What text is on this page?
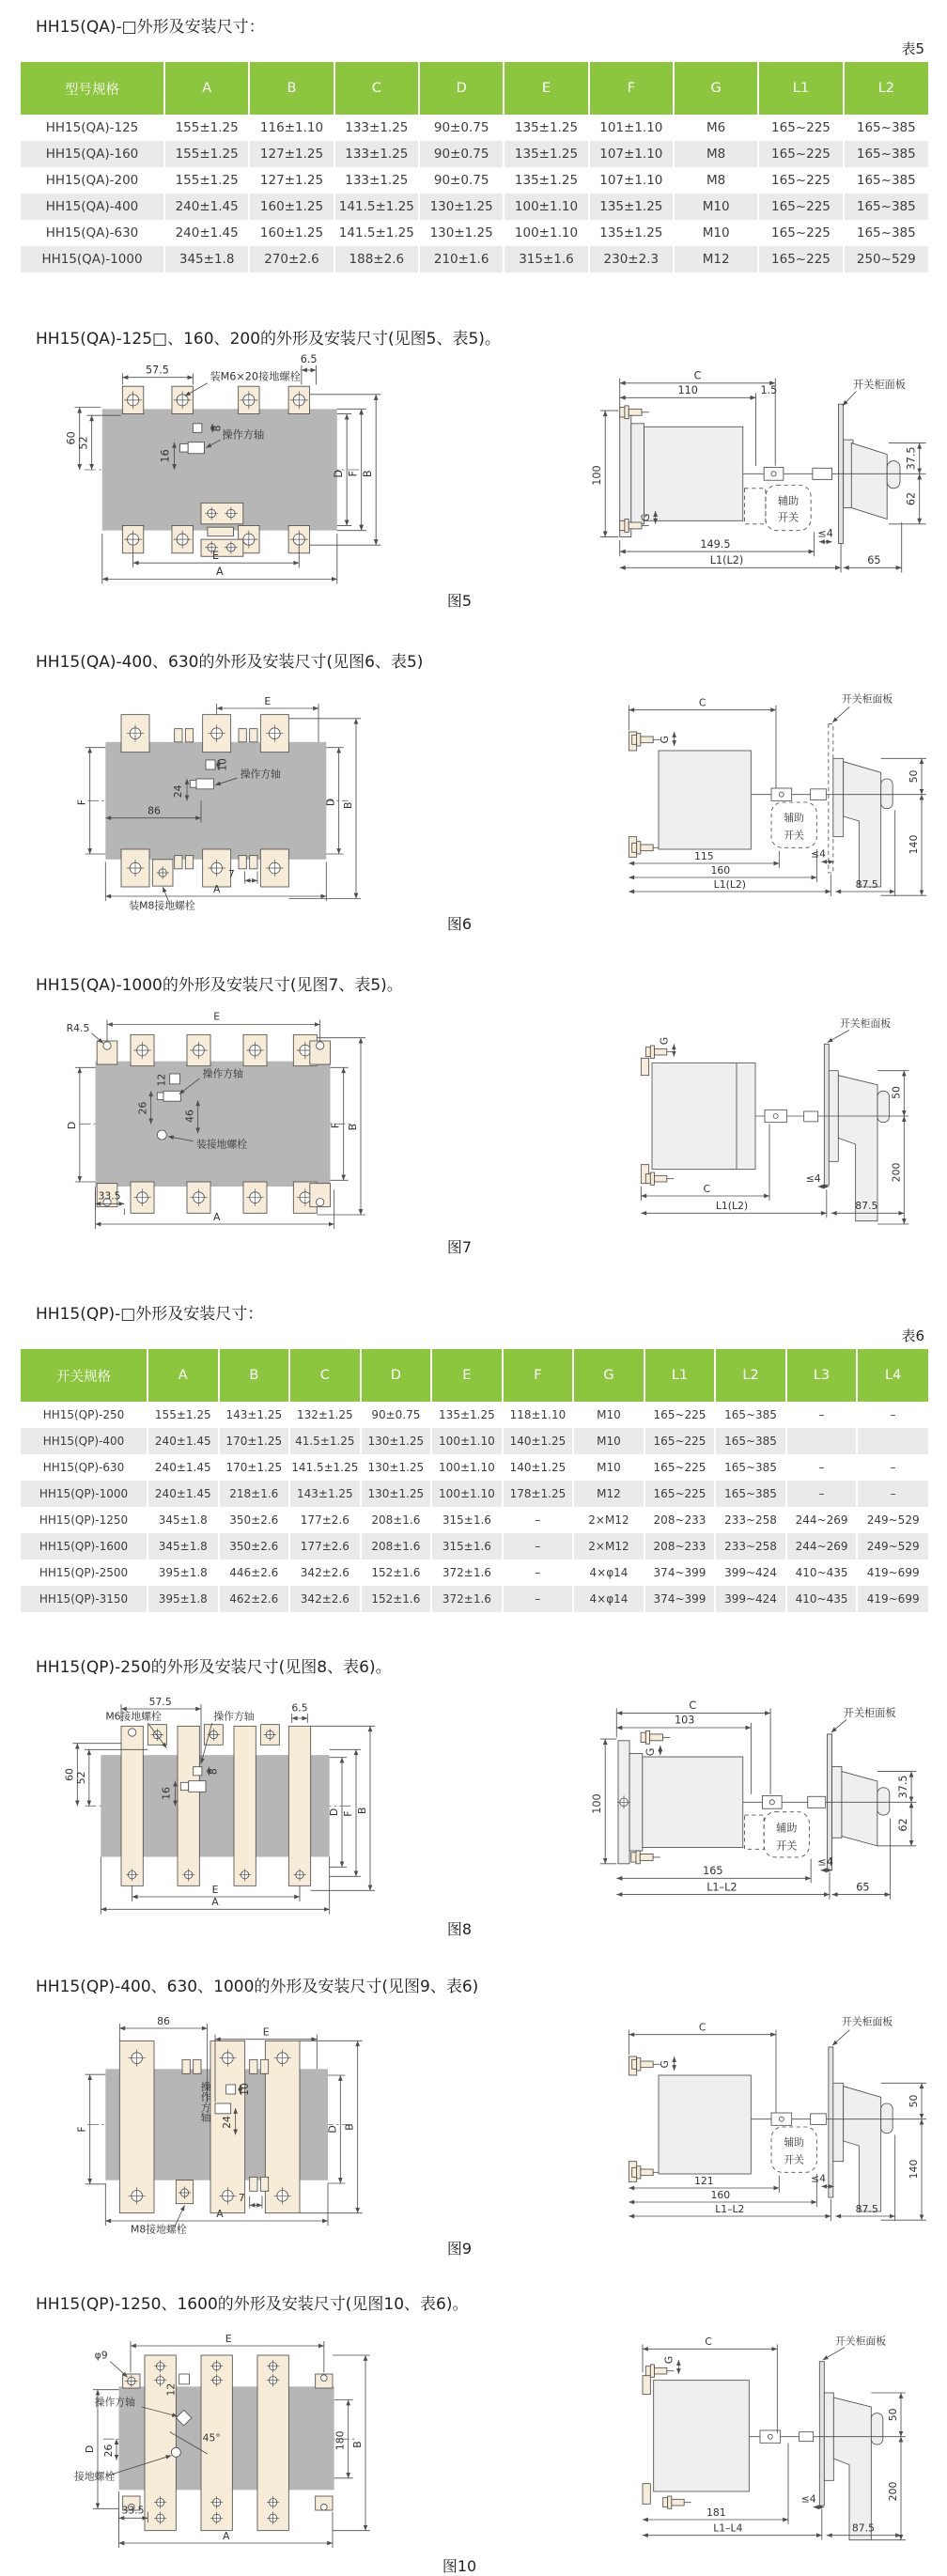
HH15(QA)-□外形及安装尺寸：
表5
型号规格	A	B	C	D	E	F	G	L1	L2
HH15(QA)-125	155±1.25	116±1.10	133±1.25	90±0.75	135±1.25	101±1.10	M6	165~225	165~385
HH15(QA)-160	155±1.25	127±1.25	133±1.25	90±0.75	135±1.25	107±1.10	M8	165~225	165~385
HH15(QA)-200	155±1.25	127±1.25	133±1.25	90±0.75	135±1.25	107±1.10	M8	165~225	165~385
HH15(QA)-400	240±1.45	160±1.25	141.5±1.25	130±1.25	100±1.10	135±1.25	M10	165~225	165~385
HH15(QA)-630	240±1.45	160±1.25	141.5±1.25	130±1.25	100±1.10	135±1.25	M10	165~225	165~385
HH15(QA)-1000	345±1.8	270±2.6	188±2.6	210±1.6	315±1.6	230±2.3	M12	165~225	250~529

HH15(QA)-125□、160、200的外形及安装尺寸(见图5、表5)。

57.5
6.5
装M6×20接地螺栓
60 52
8
16
操作方轴
D F B
E
A
C
110	1.5	开关柜面板
100
G
辅助
开关
149.5
L1(L2)
≤4
65
37.5
62

图5

HH15(QA)-400、630的外形及安装尺寸(见图6、表5)

E
10
操作方轴
24
86
F	D B
7
A
装M8接地螺栓
开关柜面板
C
G
辅助
开关
115
160
L1(L2)
≤4
87.5
50
140

图6

HH15(QA)-1000的外形及安装尺寸(见图7、表5)。

E
R4.5
12	操作方轴
26
46
装接地螺栓
D	F B
33.5
A
G
开关柜面板
50
200
≤4
C
L1(L2)	87.5

图7

HH15(QP)-□外形及安装尺寸：
表6
开关规格	A	B	C	D	E	F	G	L1	L2	L3	L4
HH15(QP)-250	155±1.25	143±1.25	132±1.25	90±0.75	135±1.25	118±1.10	M10	165~225	165~385	–	–
HH15(QP)-400	240±1.45	170±1.25	41.5±1.25	130±1.25	100±1.10	140±1.25	M10	165~225	165~385		
HH15(QP)-630	240±1.45	170±1.25	141.5±1.25	130±1.25	100±1.10	140±1.25	M10	165~225	165~385	–	–
HH15(QP)-1000	240±1.45	218±1.6	143±1.25	130±1.25	100±1.10	178±1.25	M12	165~225	165~385	–	–
HH15(QP)-1250	345±1.8	350±2.6	177±2.6	208±1.6	315±1.6	–	2×M12	208~233	233~258	244~269	249~529
HH15(QP)-1600	345±1.8	350±2.6	177±2.6	208±1.6	315±1.6	–	2×M12	208~233	233~258	244~269	249~529
HH15(QP)-2500	395±1.8	446±2.6	342±2.6	152±1.6	372±1.6	–	4×φ14	374~399	399~424	410~435	419~699
HH15(QP)-3150	395±1.8	462±2.6	342±2.6	152±1.6	372±1.6	–	4×φ14	374~399	399~424	410~435	419~699

HH15(QP)-250的外形及安装尺寸(见图8、表6)。

57.5
M6接地螺栓	操作方轴
6.5
60 52	8
16
D F B
E
A
C
103
开关柜面板
100
G
辅助
开关
165
L1–L2
≤4
65
37.5
62

图8

HH15(QP)-400、630、1000的外形及安装尺寸(见图9、表6)

86
E
操作方轴 10
24
F	D B
M8接地螺栓
7
A
开关柜面板
C
G
辅助
开关
121
160
L1–L2
≤4
87.5
50
140

图9

HH15(QP)-1250、1600的外形及安装尺寸(见图10、表6)。

E
φ9
12
操作方轴
45°
26
D	180 B
接地螺栓
33.5
A
C
G
开关柜面板
50
200
≤4
181
L1–L4	87.5

图10
